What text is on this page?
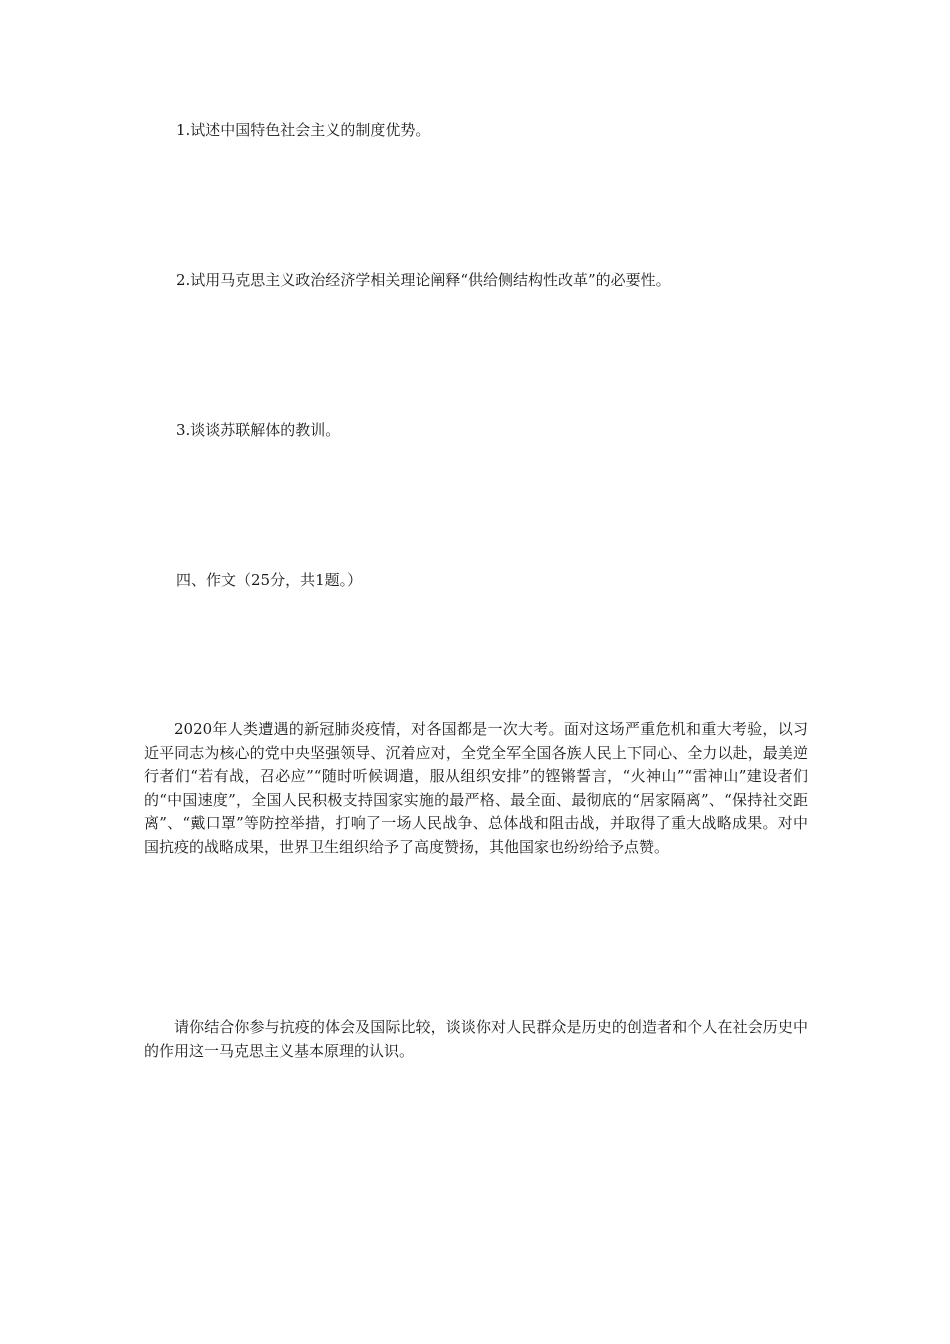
1.试述中国特色社会主义的制度优势。

2.试用马克思主义政治经济学相关理论阐释“供给侧结构性改革”的必要性。

3.谈谈苏联解体的教训。

四、作文（25分，共1题。）

2020年人类遭遇的新冠肺炎疫情，对各国都是一次大考。面对这场严重危机和重大考验，以习近平同志为核心的党中央坚强领导、沉着应对，全党全军全国各族人民上下同心、全力以赴，最美逆行者们“若有战，召必应”“随时听候调遣，服从组织安排”的铿锵誓言，“火神山”“雷神山”建设者们的“中国速度”，全国人民积极支持国家实施的最严格、最全面、最彻底的“居家隔离”、“保持社交距离”、“戴口罩”等防控举措，打响了一场人民战争、总体战和阻击战，并取得了重大战略成果。对中国抗疫的战略成果，世界卫生组织给予了高度赞扬，其他国家也纷纷给予点赞。

请你结合你参与抗疫的体会及国际比较，谈谈你对人民群众是历史的创造者和个人在社会历史中的作用这一马克思主义基本原理的认识。
